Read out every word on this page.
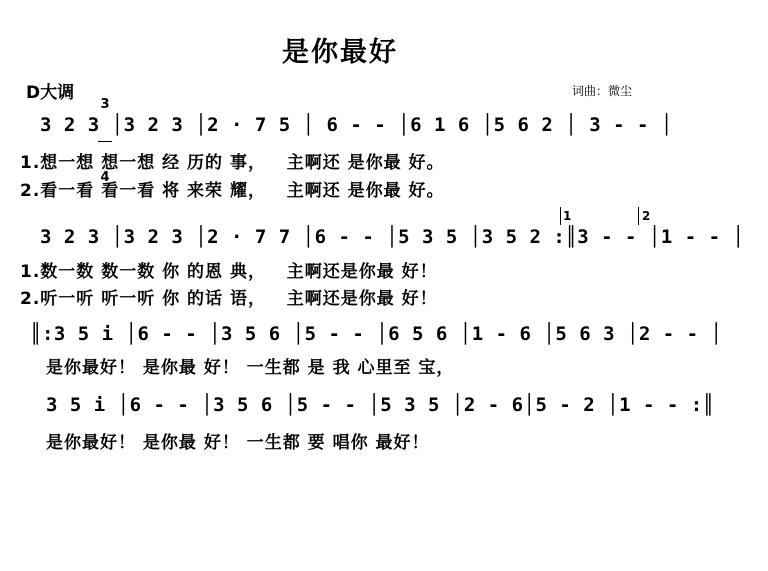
是你最好
D大调

3

4

词曲：微尘
3 2 3 │3 2 3 │2 · 7 5 │ 6 - - │6 1 6 │5 6 2 │ 3 - - │
1.想一想 想一想 经 历的 事，   主啊还 是你最 好。
2.看一看 看一看 将 来荣 耀，   主啊还 是你最 好。
1	2
3 2 3 │3 2 3 │2 · 7 7 │6 - - │5 3 5 │3 5 2 :║3 - - │1 - - │
1.数一数 数一数 你 的恩 典，   主啊还是你最 好！
2.听一听 听一听 你 的话 语，   主啊还是你最 好！
║:3 5 i │6 - - │3 5 6 │5 - - │6 5 6 │1 - 6 │5 6 3 │2 - - │
是你最好！ 是你最 好！ 一生都 是 我 心里至 宝，
3 5 i │6 - - │3 5 6 │5 - - │5 3 5 │2 - 6│5 - 2 │1 - - :║
是你最好！ 是你最 好！ 一生都 要 唱你 最好！
